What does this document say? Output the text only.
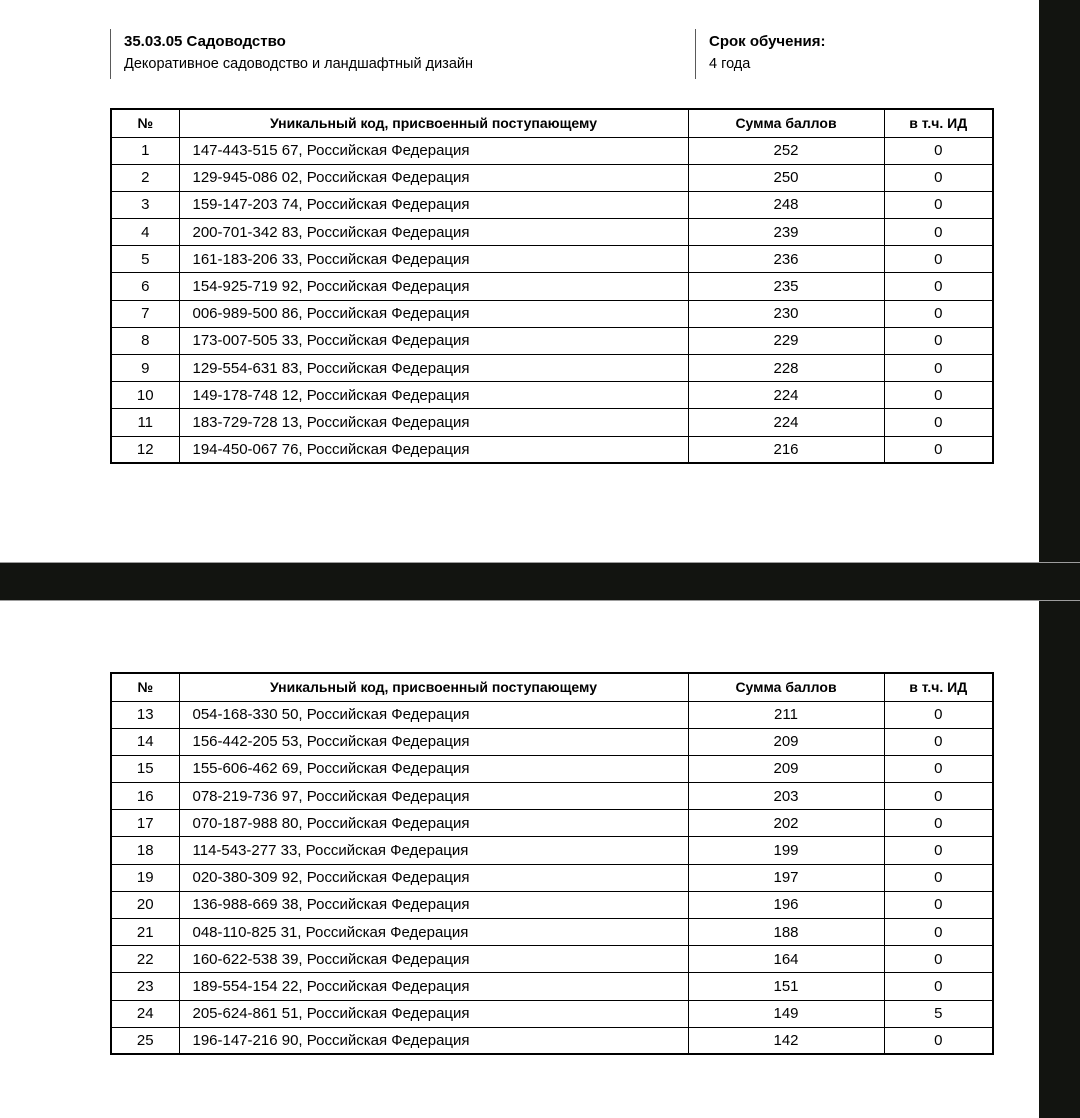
35.03.05 Садоводство
Декоративное садоводство и ландшафтный дизайн
Срок обучения:
4 года
№	Уникальный код, присвоенный поступающему	Сумма баллов	в т.ч. ИД
1	147-443-515 67, Российская Федерация	252	0
2	129-945-086 02, Российская Федерация	250	0
3	159-147-203 74, Российская Федерация	248	0
4	200-701-342 83, Российская Федерация	239	0
5	161-183-206 33, Российская Федерация	236	0
6	154-925-719 92, Российская Федерация	235	0
7	006-989-500 86, Российская Федерация	230	0
8	173-007-505 33, Российская Федерация	229	0
9	129-554-631 83, Российская Федерация	228	0
10	149-178-748 12, Российская Федерация	224	0
11	183-729-728 13, Российская Федерация	224	0
12	194-450-067 76, Российская Федерация	216	0
№	Уникальный код, присвоенный поступающему	Сумма баллов	в т.ч. ИД
13	054-168-330 50, Российская Федерация	211	0
14	156-442-205 53, Российская Федерация	209	0
15	155-606-462 69, Российская Федерация	209	0
16	078-219-736 97, Российская Федерация	203	0
17	070-187-988 80, Российская Федерация	202	0
18	114-543-277 33, Российская Федерация	199	0
19	020-380-309 92, Российская Федерация	197	0
20	136-988-669 38, Российская Федерация	196	0
21	048-110-825 31, Российская Федерация	188	0
22	160-622-538 39, Российская Федерация	164	0
23	189-554-154 22, Российская Федерация	151	0
24	205-624-861 51, Российская Федерация	149	5
25	196-147-216 90, Российская Федерация	142	0
